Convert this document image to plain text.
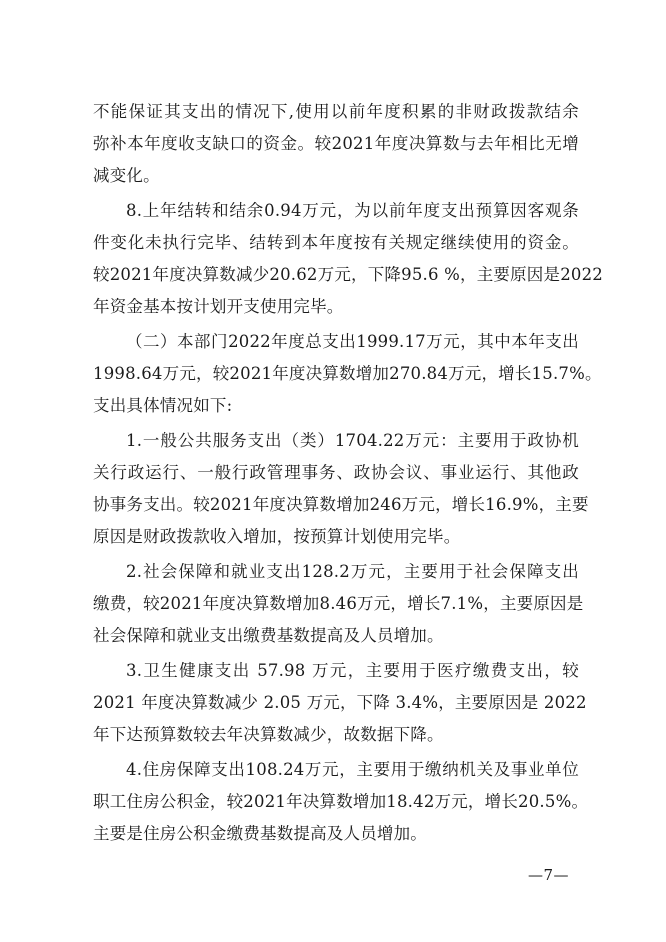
不能保证其支出的情况下,使用以前年度积累的非财政拨款结余
弥补本年度收支缺口的资金。较2021年度决算数与去年相比无增
减变化。
8.上年结转和结余0.94万元，为以前年度支出预算因客观条
件变化未执行完毕、结转到本年度按有关规定继续使用的资金。
较2021年度决算数减少20.62万元，下降95.6 %，主要原因是2022
年资金基本按计划开支使用完毕。
（二）本部门2022年度总支出1999.17万元，其中本年支出
1998.64万元，较2021年度决算数增加270.84万元，增长15.7%。
支出具体情况如下:
1.一般公共服务支出（类）1704.22万元：主要用于政协机
关行政运行、一般行政管理事务、政协会议、事业运行、其他政
协事务支出。较2021年度决算数增加246万元，增长16.9%，主要
原因是财政拨款收入增加，按预算计划使用完毕。
2.社会保障和就业支出128.2万元，主要用于社会保障支出
缴费，较2021年度决算数增加8.46万元，增长7.1%，主要原因是
社会保障和就业支出缴费基数提高及人员增加。
3.卫生健康支出 57.98 万元，主要用于医疗缴费支出，较
2021 年度决算数减少 2.05 万元，下降 3.4%，主要原因是 2022
年下达预算数较去年决算数减少，故数据下降。
4.住房保障支出108.24万元，主要用于缴纳机关及事业单位
职工住房公积金，较2021年决算数增加18.42万元，增长20.5%。
主要是住房公积金缴费基数提高及人员增加。
—7—
